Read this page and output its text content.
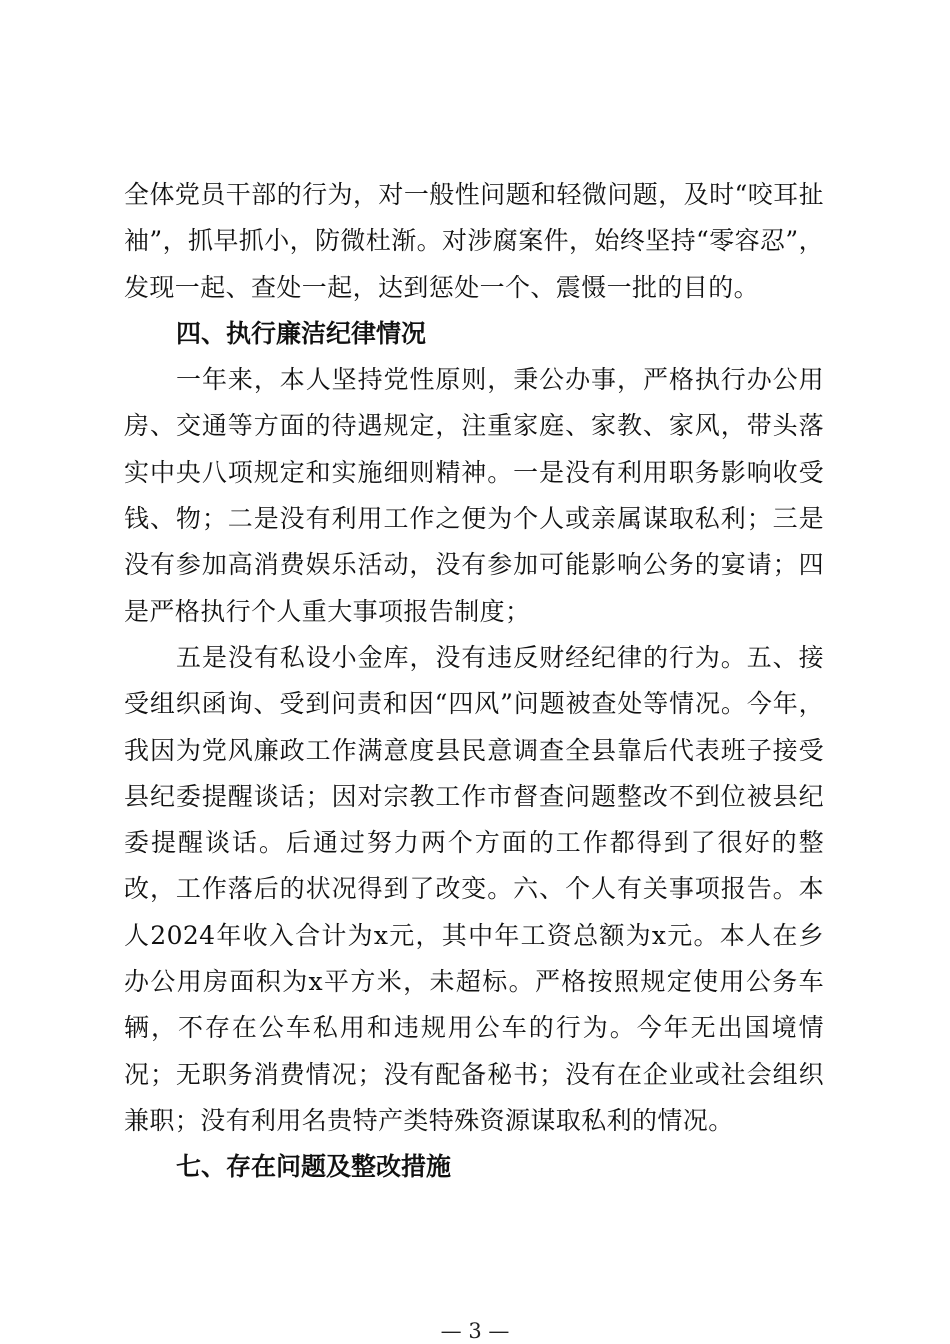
全体党员干部的行为，对一般性问题和轻微问题，及时“咬耳扯袖”，抓早抓小，防微杜渐。对涉腐案件，始终坚持“零容忍”，发现一起、查处一起，达到惩处一个、震慑一批的目的。

四、执行廉洁纪律情况

一年来，本人坚持党性原则，秉公办事，严格执行办公用房、交通等方面的待遇规定，注重家庭、家教、家风，带头落实中央八项规定和实施细则精神。一是没有利用职务影响收受钱、物；二是没有利用工作之便为个人或亲属谋取私利；三是没有参加高消费娱乐活动，没有参加可能影响公务的宴请；四是严格执行个人重大事项报告制度；

五是没有私设小金库，没有违反财经纪律的行为。五、接受组织函询、受到问责和因“四风”问题被查处等情况。今年，我因为党风廉政工作满意度县民意调查全县靠后代表班子接受县纪委提醒谈话；因对宗教工作市督查问题整改不到位被县纪委提醒谈话。后通过努力两个方面的工作都得到了很好的整改，工作落后的状况得到了改变。六、个人有关事项报告。本人2024年收入合计为x元，其中年工资总额为x元。本人在乡办公用房面积为x平方米，未超标。严格按照规定使用公务车辆，不存在公车私用和违规用公车的行为。今年无出国境情况；无职务消费情况；没有配备秘书；没有在企业或社会组织兼职；没有利用名贵特产类特殊资源谋取私利的情况。

七、存在问题及整改措施

— 3 —
